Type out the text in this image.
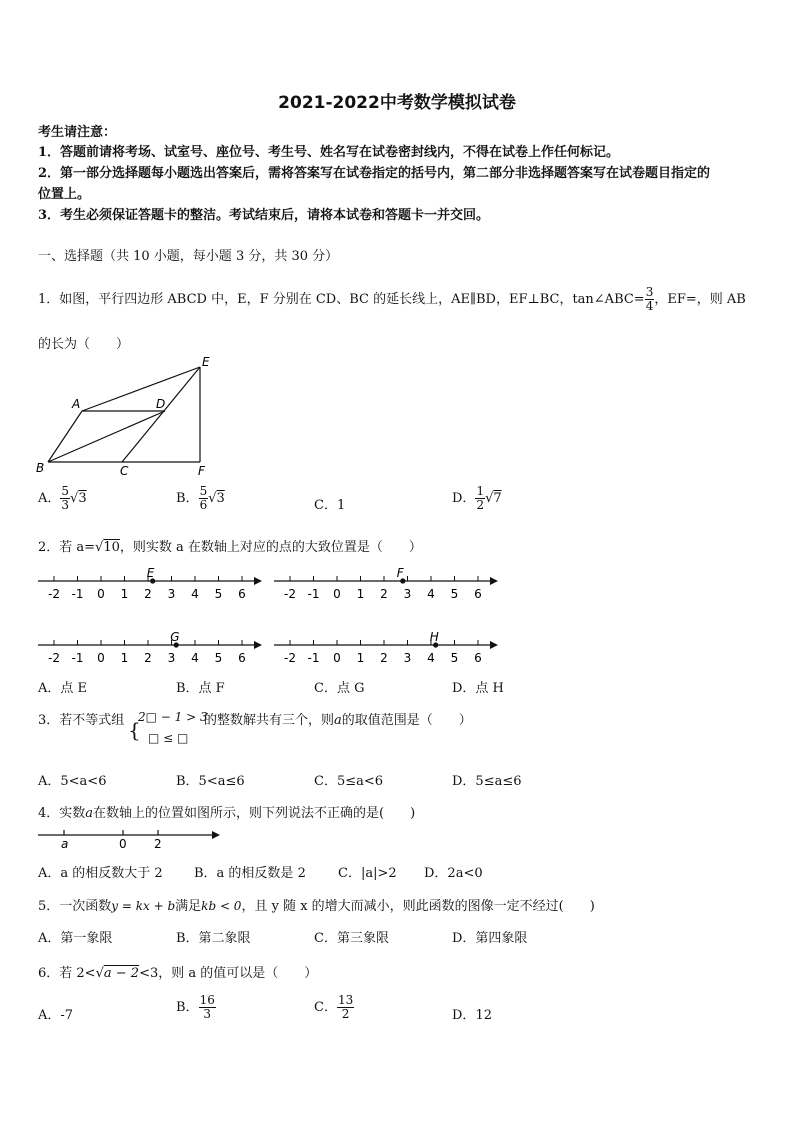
2021-2022中考数学模拟试卷
考生请注意：
1．答题前请将考场、试室号、座位号、考生号、姓名写在试卷密封线内，不得在试卷上作任何标记。
2．第一部分选择题每小题选出答案后，需将答案写在试卷指定的括号内，第二部分非选择题答案写在试卷题目指定的
位置上。
3．考生必须保证答题卡的整洁。考试结束后，请将本试卷和答题卡一并交回。
一、选择题（共 10 小题，每小题 3 分，共 30 分）
1．如图，平行四边形 ABCD 中，E，F 分别在 CD、BC 的延长线上，AE∥BD，EF⊥BC，tan∠ABC= $\frac{3}{4}$ ，EF=，则 AB
的长为（　　）
B
A	D
E
C	F
A． $\frac{5}{3} √3$	B． $\frac{5}{6} √3$	C．1	D． $\frac{1}{2} √7$
2．若 a=√10，则实数 a 在数轴上对应的点的大致位置是（　　）
-2 -1 0 1 2 3 4 5 6
E
-2 -1 0 1 2 3 4 5 6
F
-2 -1 0 1 2 3 4 5 6
G
-2 -1 0 1 2 3 4 5 6
H
A．点 E	B．点 F	C．点 G	D．点 H
3．若不等式组 {
2□ − 1 > 3
□ ≤ □
的整数解共有三个，则a的取值范围是（　　）
A．5<a<6	B．5<a≤6	C．5≤a<6	D．5≤a≤6
4．实数a在数轴上的位置如图所示，则下列说法不正确的是(　　)
a	0 2
A．a 的相反数大于 2 B．a 的相反数是 2 C．|a|>2 D．2a<0
5．一次函数y = kx + b满足kb < 0，且 y 随 x 的增大而减小，则此函数的图像一定不经过(　　)
A．第一象限	B．第二象限	C．第三象限	D．第四象限
6．若 2<√a − 2<3，则 a 的值可以是（　　）
A．-7
B． $\frac{16}{3}$	C． $\frac{13}{2}$	D．12
